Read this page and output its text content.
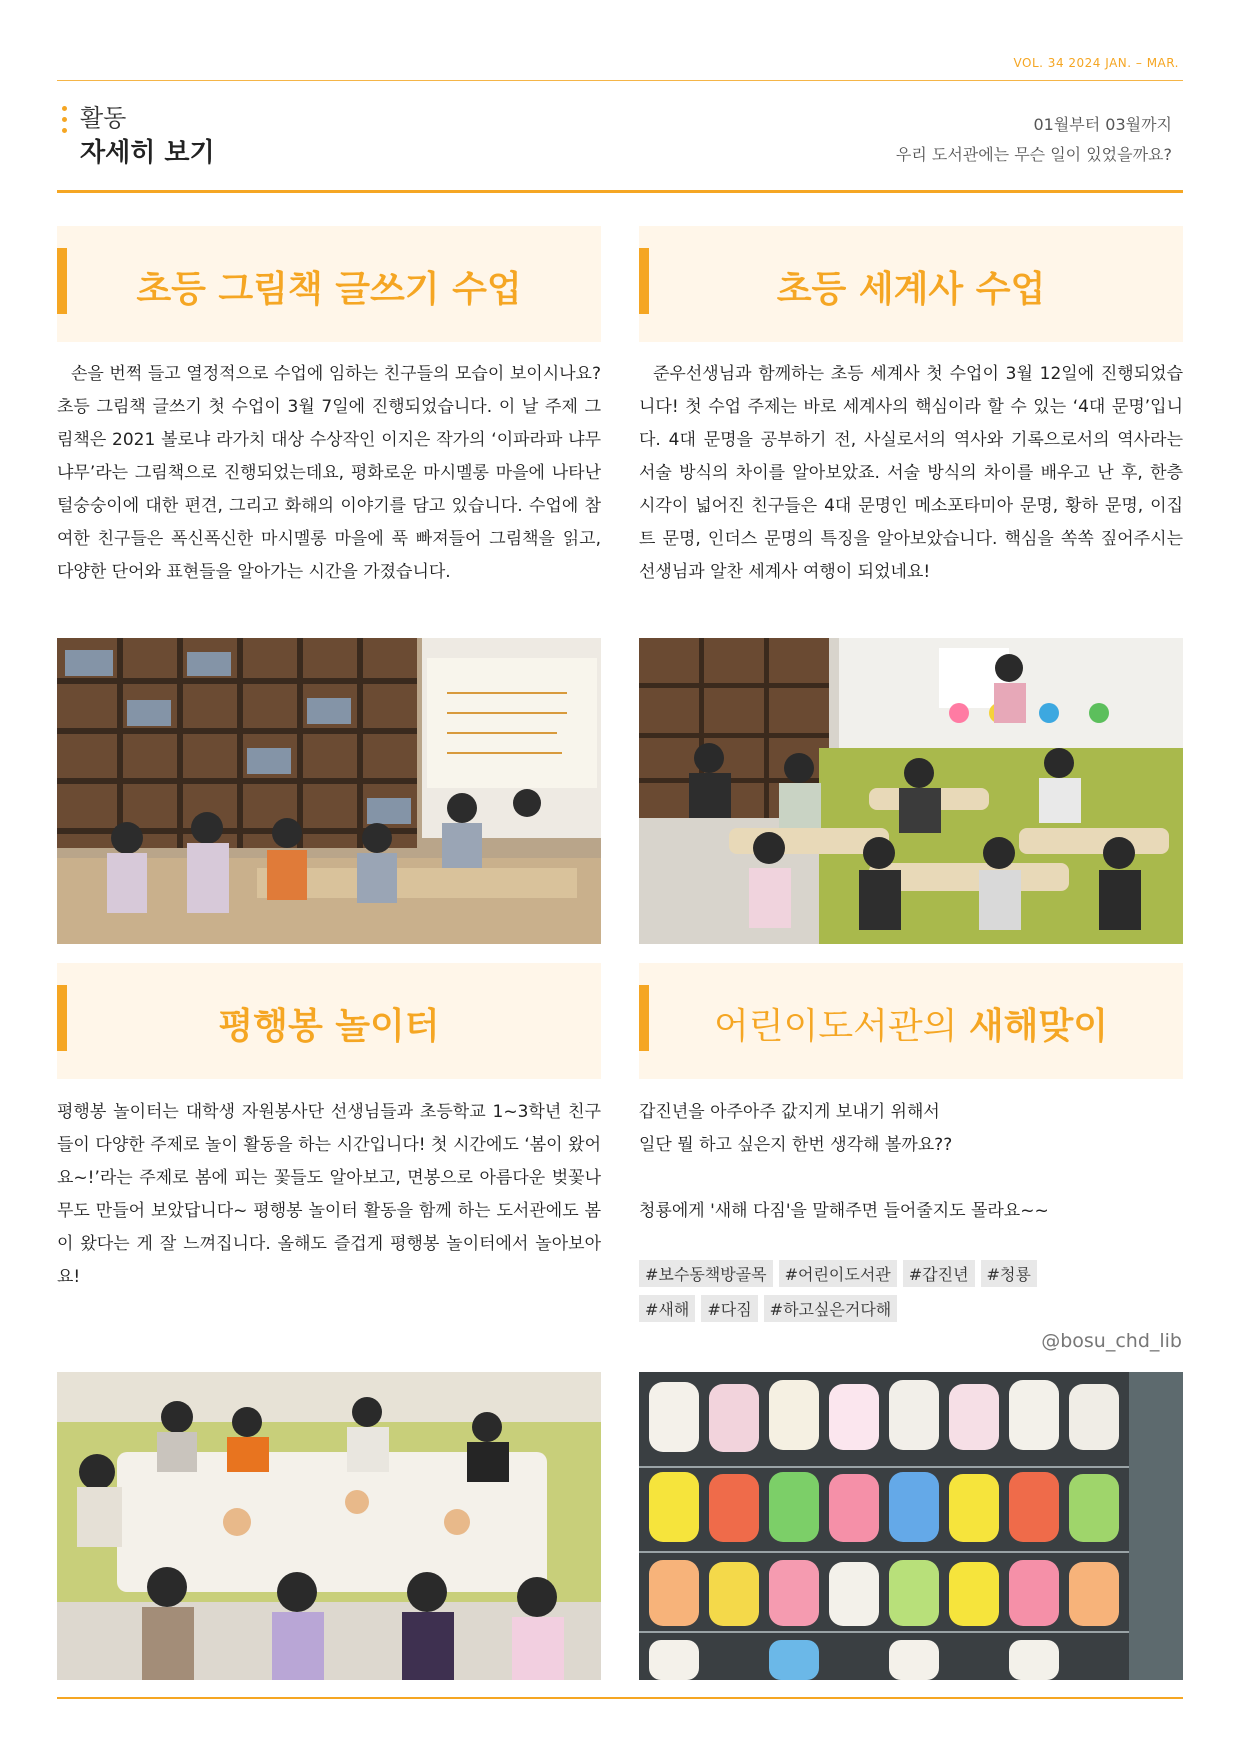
VOL. 34 2024 JAN. – MAR.
활동
자세히 보기
01월부터 03월까지
우리 도서관에는 무슨 일이 있었을까요?
초등 그림책 글쓰기 수업

손을 번쩍 들고 열정적으로 수업에 임하는 친구들의 모습이 보이시나요? 초등 그림책 글쓰기 첫 수업이 3월 7일에 진행되었습니다. 이 날 주제 그림책은 2021 볼로냐 라가치 대상 수상작인 이지은 작가의 ‘이파라파 냐무냐무’라는 그림책으로 진행되었는데요, 평화로운 마시멜롱 마을에 나타난 털숭숭이에 대한 편견, 그리고 화해의 이야기를 담고 있습니다. 수업에 참여한 친구들은 폭신폭신한 마시멜롱 마을에 푹 빠져들어 그림책을 읽고, 다양한 단어와 표현들을 알아가는 시간을 가졌습니다.

초등 세계사 수업

준우선생님과 함께하는 초등 세계사 첫 수업이 3월 12일에 진행되었습니다! 첫 수업 주제는 바로 세계사의 핵심이라 할 수 있는 ‘4대 문명’입니다. 4대 문명을 공부하기 전, 사실로서의 역사와 기록으로서의 역사라는 서술 방식의 차이를 알아보았죠. 서술 방식의 차이를 배우고 난 후, 한층 시각이 넓어진 친구들은 4대 문명인 메소포타미아 문명, 황하 문명, 이집트 문명, 인더스 문명의 특징을 알아보았습니다. 핵심을 쏙쏙 짚어주시는 선생님과 알찬 세계사 여행이 되었네요!

평행봉 놀이터

평행봉 놀이터는 대학생 자원봉사단 선생님들과 초등학교 1~3학년 친구들이 다양한 주제로 놀이 활동을 하는 시간입니다! 첫 시간에도 ‘봄이 왔어요~!’라는 주제로 봄에 피는 꽃들도 알아보고, 면봉으로 아름다운 벚꽃나무도 만들어 보았답니다~ 평행봉 놀이터 활동을 함께 하는 도서관에도 봄이 왔다는 게 잘 느껴집니다. 올해도 즐겁게 평행봉 놀이터에서 놀아보아요!

어린이도서관의 새해맞이
갑진년을 아주아주 값지게 보내기 위해서
일단 뭘 하고 싶은지 한번 생각해 볼까요??
청룡에게 '새해 다짐'을 말해주면 들어줄지도 몰라요~~
#보수동책방골목 #어린이도서관 #갑진년 #청룡
#새해 #다짐 #하고싶은거다해
@bosu_chd_lib
